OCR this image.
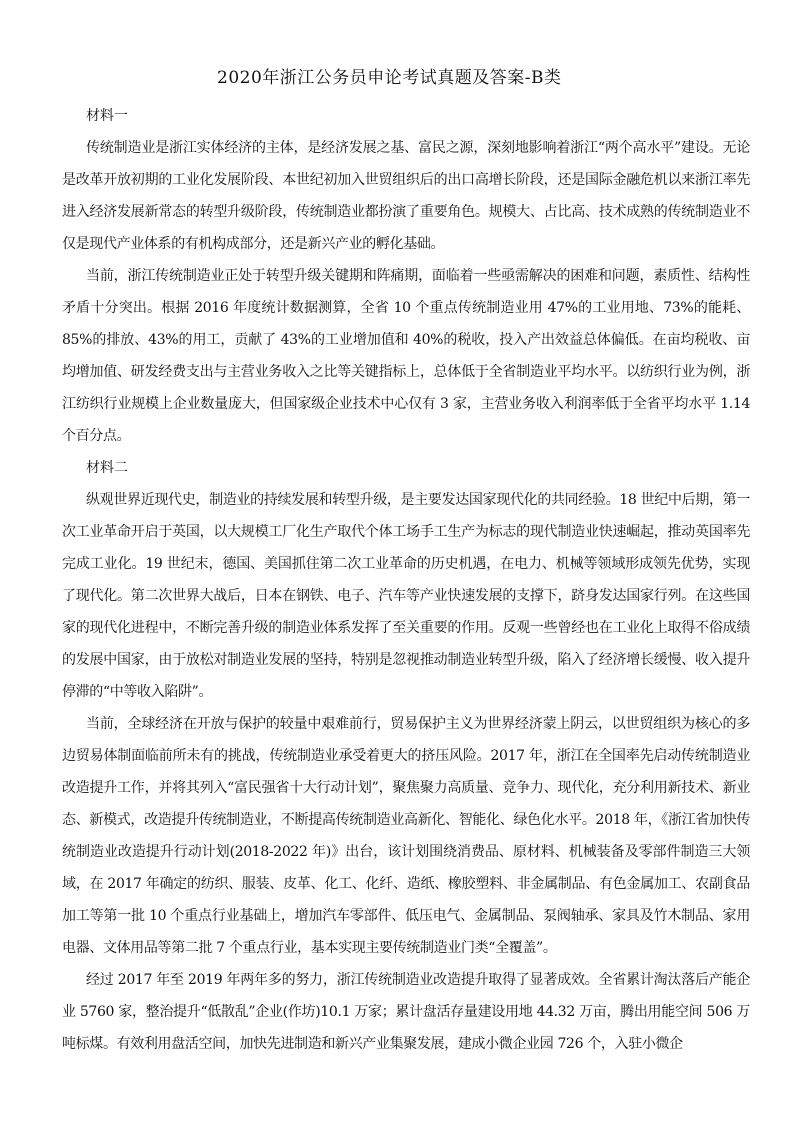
2020年浙江公务员申论考试真题及答案-B类

材料一

传统制造业是浙江实体经济的主体，是经济发展之基、富民之源，深刻地影响着浙江“两个高水平”建设。无论是改革开放初期的工业化发展阶段、本世纪初加入世贸组织后的出口高增长阶段，还是国际金融危机以来浙江率先进入经济发展新常态的转型升级阶段，传统制造业都扮演了重要角色。规模大、占比高、技术成熟的传统制造业不仅是现代产业体系的有机构成部分，还是新兴产业的孵化基础。

当前，浙江传统制造业正处于转型升级关键期和阵痛期，面临着一些亟需解决的困难和问题，素质性、结构性矛盾十分突出。根据 2016 年度统计数据测算，全省 10 个重点传统制造业用 47%的工业用地、73%的能耗、85%的排放、43%的用工，贡献了 43%的工业增加值和 40%的税收，投入产出效益总体偏低。在亩均税收、亩均增加值、研发经费支出与主营业务收入之比等关键指标上，总体低于全省制造业平均水平。以纺织行业为例，浙江纺织行业规模上企业数量庞大，但国家级企业技术中心仅有 3 家，主营业务收入利润率低于全省平均水平 1.14 个百分点。

材料二

纵观世界近现代史，制造业的持续发展和转型升级，是主要发达国家现代化的共同经验。18 世纪中后期，第一次工业革命开启于英国，以大规模工厂化生产取代个体工场手工生产为标志的现代制造业快速崛起，推动英国率先完成工业化。19 世纪末，德国、美国抓住第二次工业革命的历史机遇，在电力、机械等领域形成领先优势，实现了现代化。第二次世界大战后，日本在钢铁、电子、汽车等产业快速发展的支撑下，跻身发达国家行列。在这些国家的现代化进程中，不断完善升级的制造业体系发挥了至关重要的作用。反观一些曾经也在工业化上取得不俗成绩的发展中国家，由于放松对制造业发展的坚持，特别是忽视推动制造业转型升级，陷入了经济增长缓慢、收入提升停滞的“中等收入陷阱”。

当前，全球经济在开放与保护的较量中艰难前行，贸易保护主义为世界经济蒙上阴云，以世贸组织为核心的多边贸易体制面临前所未有的挑战，传统制造业承受着更大的挤压风险。2017 年，浙江在全国率先启动传统制造业改造提升工作，并将其列入“富民强省十大行动计划”，聚焦聚力高质量、竞争力、现代化，充分利用新技术、新业态、新模式，改造提升传统制造业，不断提高传统制造业高新化、智能化、绿色化水平。2018 年，《浙江省加快传统制造业改造提升行动计划(2018-2022 年)》出台，该计划围绕消费品、原材料、机械装备及零部件制造三大领域，在 2017 年确定的纺织、服装、皮革、化工、化纤、造纸、橡胶塑料、非金属制品、有色金属加工、农副食品加工等第一批 10 个重点行业基础上，增加汽车零部件、低压电气、金属制品、泵阀轴承、家具及竹木制品、家用电器、文体用品等第二批 7 个重点行业，基本实现主要传统制造业门类“全覆盖”。

经过 2017 年至 2019 年两年多的努力，浙江传统制造业改造提升取得了显著成效。全省累计淘汰落后产能企业 5760 家，整治提升“低散乱”企业(作坊)10.1 万家；累计盘活存量建设用地 44.32 万亩，腾出用能空间 506 万吨标煤。有效利用盘活空间，加快先进制造和新兴产业集聚发展，建成小微企业园 726 个，入驻小微企
